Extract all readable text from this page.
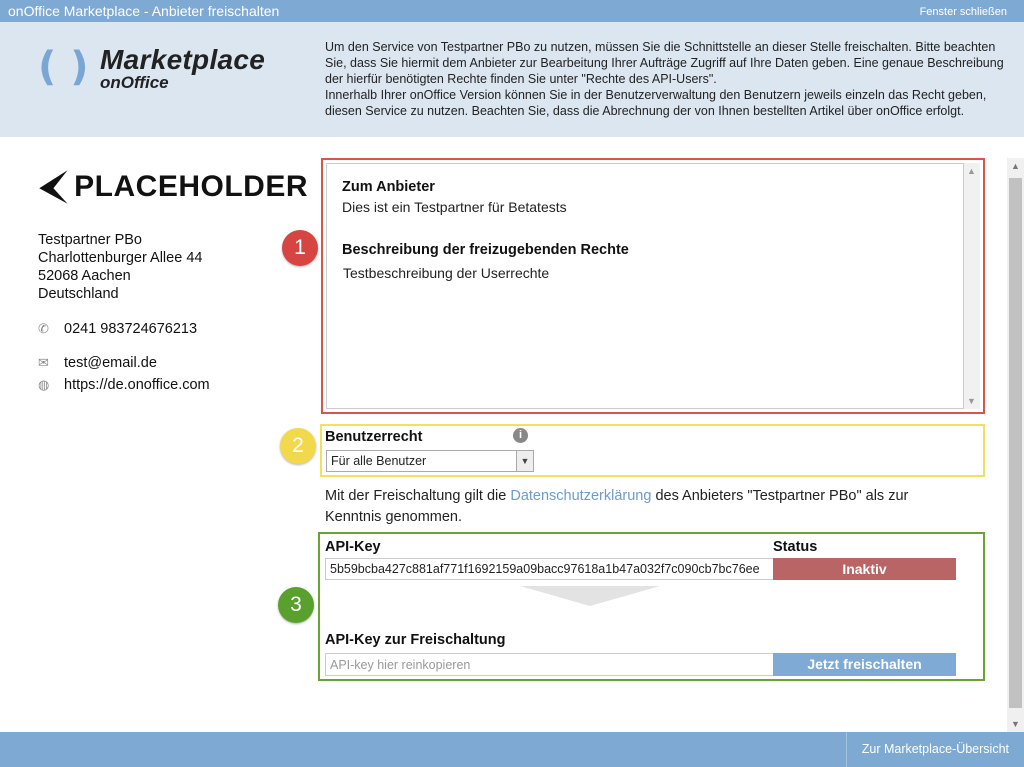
onOffice Marketplace - Anbieter freischalten	Fenster schließen
( ) Marketplace
onOffice
Um den Service von Testpartner PBo zu nutzen, müssen Sie die Schnittstelle an dieser Stelle freischalten. Bitte beachten Sie, dass Sie hiermit dem Anbieter zur Bearbeitung Ihrer Aufträge Zugriff auf Ihre Daten geben. Eine genaue Beschreibung der hierfür benötigten Rechte finden Sie unter "Rechte des API-Users".
Innerhalb Ihrer onOffice Version können Sie in der Benutzerverwaltung den Benutzern jeweils einzeln das Recht geben, diesen Service zu nutzen. Beachten Sie, dass die Abrechnung der von Ihnen bestellten Artikel über onOffice erfolgt.
PLACEHOLDER
Testpartner PBo
Charlottenburger Allee 44
52068 Aachen
Deutschland
✆	0241 983724676213
✉	test@email.de
◍	https://de.onoffice.com
1
2
3
Zum Anbieter

Dies ist ein Testpartner für Betatests

Beschreibung der freizugebenden Rechte

Testbeschreibung der Userrechte

▲
▼
Benutzerrecht	i
Für alle Benutzer	▼
Mit der Freischaltung gilt die Datenschutzerklärung des Anbieters "Testpartner PBo" als zur Kenntnis genommen.
API-Key	Status
5b59bcba427c881af771f1692159a09bacc97618a1b47a032f7c090cb7bc76ee	Inaktiv
API-Key zur Freischaltung
API-key hier reinkopieren
Jetzt freischalten
▲
▼
Zur Marketplace-Übersicht
